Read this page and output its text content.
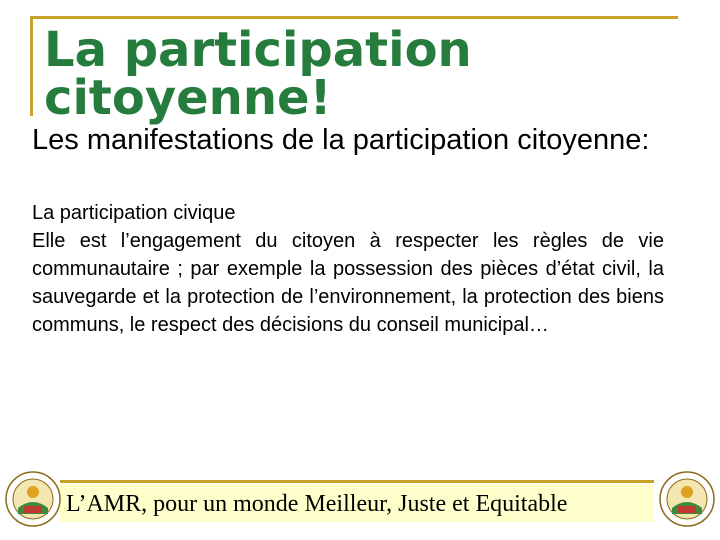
La participation citoyenne!

Les manifestations de la participation citoyenne:

La participation civique

Elle est l’engagement du citoyen à respecter les règles de vie communautaire ; par exemple la possession des pièces d’état civil, la sauvegarde et la protection de l’environnement, la protection des biens communs, le respect des décisions du conseil municipal…

L’AMR, pour un monde Meilleur, Juste et Equitable
